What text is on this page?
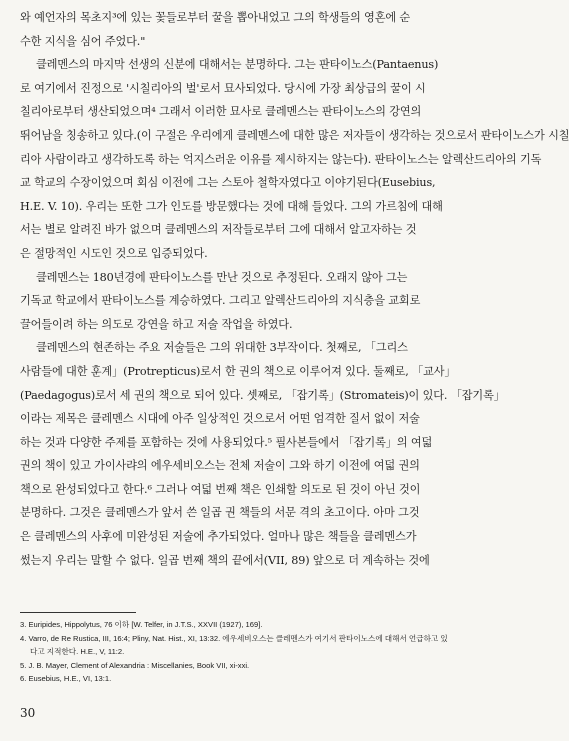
와 예언자의 목초지³에 있는 꽃들로부터 꿀을 뽑아내었고 그의 학생들의 영혼에 순
수한 지식을 심어 주었다."
클레멘스의 마지막 선생의 신분에 대해서는 분명하다. 그는 판타이노스(Pantaenus)
로 여기에서 진정으로 '시칠리아의 벌'로서 묘사되었다. 당시에 가장 최상급의 꿀이 시
칠리아로부터 생산되었으며⁴ 그래서 이러한 묘사로 클레멘스는 판타이노스의 강연의
뛰어남을 칭송하고 있다.(이 구절은 우리에게 클레멘스에 대한 많은 저자들이 생각하는 것으로서 판타이노스가 시칠
리아 사람이라고 생각하도록 하는 억지스러운 이유를 제시하지는 않는다). 판타이노스는 알렉산드리아의 기독
교 학교의 수장이었으며 회심 이전에 그는 스토아 철학자였다고 이야기된다(Eusebius,
H.E. V. 10). 우리는 또한 그가 인도를 방문했다는 것에 대해 들었다. 그의 가르침에 대해
서는 별로 알려진 바가 없으며 클레멘스의 저작들로부터 그에 대해서 알고자하는 것
은 절망적인 시도인 것으로 입증되었다.
클레멘스는 180년경에 판타이노스를 만난 것으로 추정된다. 오래지 않아 그는
기독교 학교에서 판타이노스를 계승하였다. 그리고 알렉산드리아의 지식층을 교회로
끌어들이려 하는 의도로 강연을 하고 저술 작업을 하였다.
클레멘스의 현존하는 주요 저술들은 그의 위대한 3부작이다. 첫째로, 「그리스
사람들에 대한 훈계」(Protrepticus)로서 한 권의 책으로 이루어져 있다. 둘째로, 「교사」
(Paedagogus)로서 세 권의 책으로 되어 있다. 셋째로, 「잡기록」(Stromateis)이 있다. 「잡기록」
이라는 제목은 클레멘스 시대에 아주 일상적인 것으로서 어떤 엄격한 질서 없이 저술
하는 것과 다양한 주제를 포함하는 것에 사용되었다.⁵ 필사본들에서 「잡기록」의 여덟
권의 책이 있고 가이사랴의 에우세비오스는 전체 저술이 그와 하기 이전에 여덟 권의
책으로 완성되었다고 한다.⁶ 그러나 여덟 번째 책은 인쇄할 의도로 된 것이 아닌 것이
분명하다. 그것은 클레멘스가 앞서 쓴 일곱 권 책들의 서문 격의 초고이다. 아마 그것
은 클레멘스의 사후에 미완성된 저술에 추가되었다. 얼마나 많은 책들을 클레멘스가
썼는지 우리는 말할 수 없다. 일곱 번째 책의 끝에서(VII, 89) 앞으로 더 계속하는 것에
3. Euripides, Hippolytus, 76 이하 [W. Telfer, in J.T.S., XXVII (1927), 169].
4. Varro, de Re Rustica, III, 16:4; Pliny, Nat. Hist., XI, 13:32. 에우세비오스는 클레멘스가 여기서 판타이노스에 대해서 언급하고 있
다고 지적한다. H.E., V, 11:2.
5. J. B. Mayer, Clement of Alexandria : Miscellanies, Book VII, xi-xxi.
6. Eusebius, H.E., VI, 13:1.
30
